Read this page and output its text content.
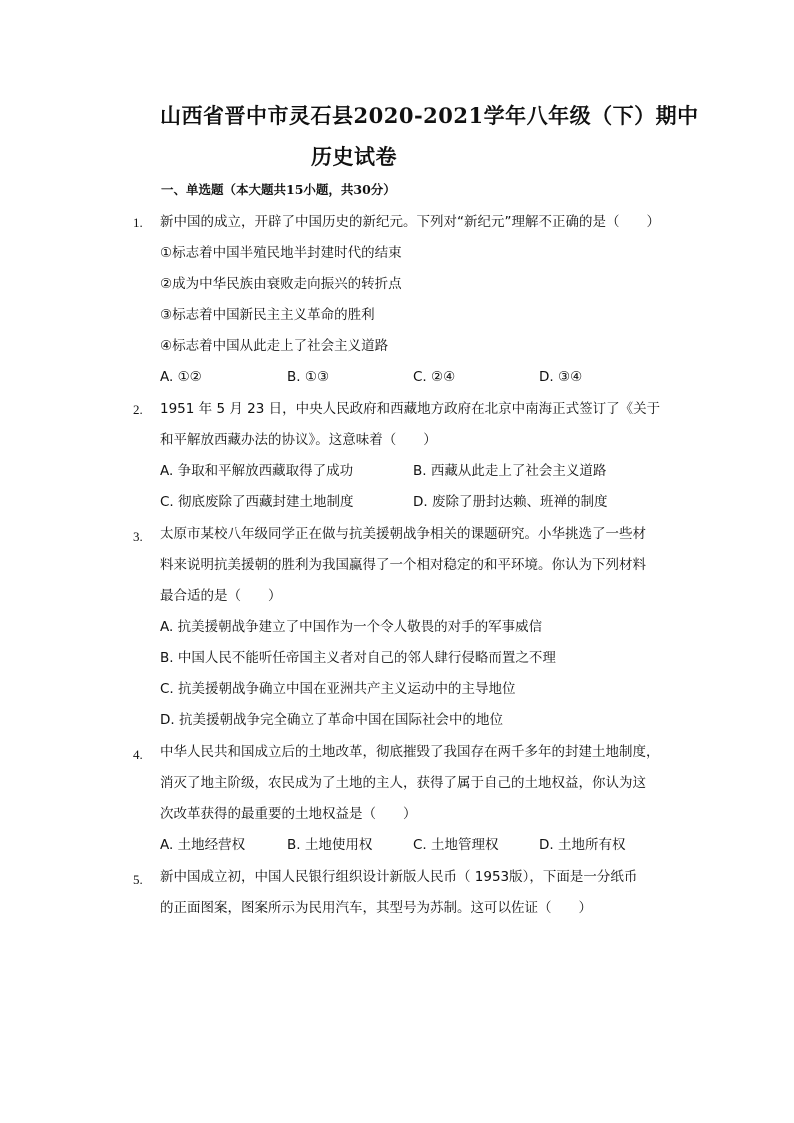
山西省晋中市灵石县2020-2021学年八年级（下）期中
历史试卷
一、单选题（本大题共15小题，共30分）
1. 新中国的成立，开辟了中国历史的新纪元。下列对“新纪元”理解不正确的是（　　）
①标志着中国半殖民地半封建时代的结束
②成为中华民族由衰败走向振兴的转折点
③标志着中国新民主主义革命的胜利
④标志着中国从此走上了社会主义道路
A. ①②	B. ①③	C. ②④	D. ③④
2. 1951 年 5 月 23 日，中央人民政府和西藏地方政府在北京中南海正式签订了《关于
和平解放西藏办法的协议》。这意味着（　　）
A. 争取和平解放西藏取得了成功	B. 西藏从此走上了社会主义道路
C. 彻底废除了西藏封建土地制度	D. 废除了册封达赖、班禅的制度
3. 太原市某校八年级同学正在做与抗美援朝战争相关的课题研究。小华挑选了一些材
料来说明抗美援朝的胜利为我国赢得了一个相对稳定的和平环境。你认为下列材料
最合适的是（　　）
A. 抗美援朝战争建立了中国作为一个令人敬畏的对手的军事威信
B. 中国人民不能听任帝国主义者对自己的邻人肆行侵略而置之不理
C. 抗美援朝战争确立中国在亚洲共产主义运动中的主导地位
D. 抗美援朝战争完全确立了革命中国在国际社会中的地位
4. 中华人民共和国成立后的土地改革，彻底摧毁了我国存在两千多年的封建土地制度，
消灭了地主阶级，农民成为了土地的主人，获得了属于自己的土地权益，你认为这
次改革获得的最重要的土地权益是（　　）
A. 土地经营权	B. 土地使用权	C. 土地管理权	D. 土地所有权
5. 新中国成立初，中国人民银行组织设计新版人民币（ 1953版），下面是一分纸币
的正面图案，图案所示为民用汽车，其型号为苏制。这可以佐证（　　）
